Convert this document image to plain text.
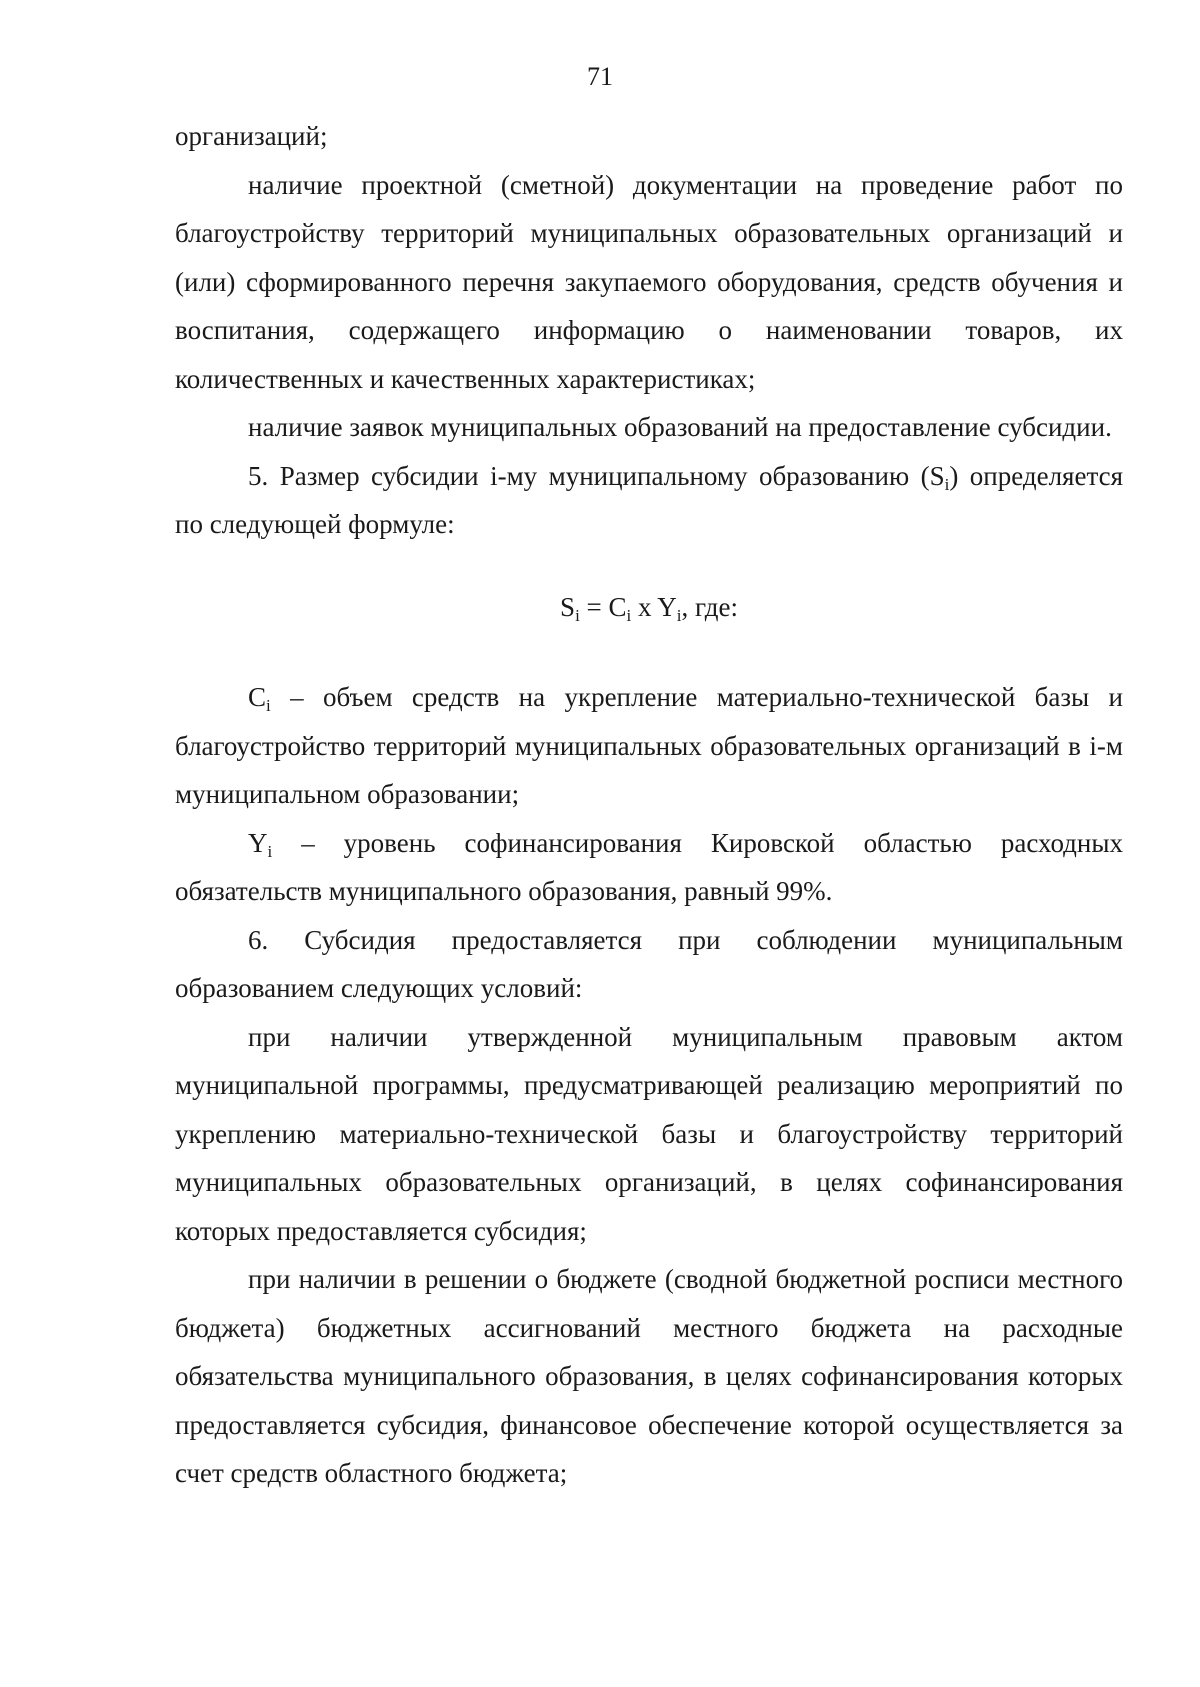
71

организаций;

наличие проектной (сметной) документации на проведение работ по благоустройству территорий муниципальных образовательных организаций и (или) сформированного перечня закупаемого оборудования, средств обучения и воспитания, содержащего информацию о наименовании товаров, их количественных и качественных характеристиках;

наличие заявок муниципальных образований на предоставление субсидии.

5. Размер субсидии i-му муниципальному образованию $(S_i)$ определяется по следующей формуле:

$S_i = C_i$ x $Y_i$, где:

$C_i$ – объем средств на укрепление материально-технической базы и благоустройство территорий муниципальных образовательных организаций в i-м муниципальном образовании;

$Y_i$ – уровень софинансирования Кировской областью расходных обязательств муниципального образования, равный 99%.

6. Субсидия предоставляется при соблюдении муниципальным образованием следующих условий:

при наличии утвержденной муниципальным правовым актом муниципальной программы, предусматривающей реализацию мероприятий по укреплению материально-технической базы и благоустройству территорий муниципальных образовательных организаций, в целях софинансирования которых предоставляется субсидия;

при наличии в решении о бюджете (сводной бюджетной росписи местного бюджета) бюджетных ассигнований местного бюджета на расходные обязательства муниципального образования, в целях софинансирования которых предоставляется субсидия, финансовое обеспечение которой осуществляется за счет средств областного бюджета;
